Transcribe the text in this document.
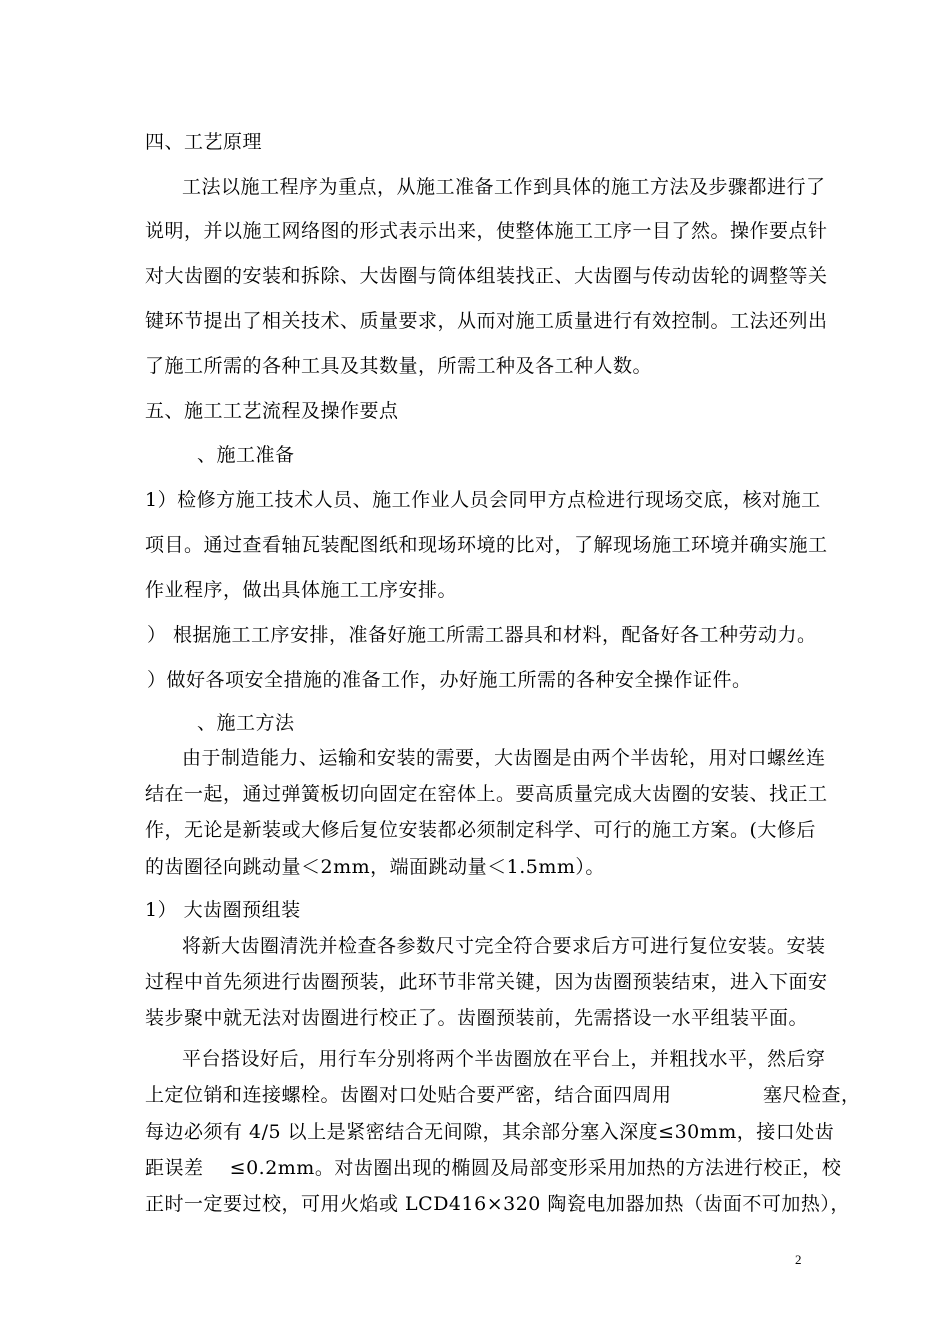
四、工艺原理
工法以施工程序为重点，从施工准备工作到具体的施工方法及步骤都进行了
说明，并以施工网络图的形式表示出来，使整体施工工序一目了然。操作要点针
对大齿圈的安装和拆除、大齿圈与筒体组装找正、大齿圈与传动齿轮的调整等关
键环节提出了相关技术、质量要求，从而对施工质量进行有效控制。工法还列出
了施工所需的各种工具及其数量，所需工种及各工种人数。
五、施工工艺流程及操作要点
、施工准备
1）检修方施工技术人员、施工作业人员会同甲方点检进行现场交底，核对施工
项目。通过查看轴瓦装配图纸和现场环境的比对，了解现场施工环境并确实施工
作业程序，做出具体施工工序安排。
） 根据施工工序安排，准备好施工所需工器具和材料，配备好各工种劳动力。
）做好各项安全措施的准备工作，办好施工所需的各种安全操作证件。
、施工方法
由于制造能力、运输和安装的需要，大齿圈是由两个半齿轮，用对口螺丝连
结在一起，通过弹簧板切向固定在窑体上。要高质量完成大齿圈的安装、找正工
作，无论是新装或大修后复位安装都必须制定科学、可行的施工方案。(大修后
的齿圈径向跳动量＜2mm，端面跳动量＜1.5mm）。
1） 大齿圈预组装
将新大齿圈清洗并检查各参数尺寸完全符合要求后方可进行复位安装。安装
过程中首先须进行齿圈预装，此环节非常关键，因为齿圈预装结束，进入下面安
装步聚中就无法对齿圈进行校正了。齿圈预装前，先需搭设一水平组装平面。
平台搭设好后，用行车分别将两个半齿圈放在平台上，并粗找水平，然后穿
上定位销和连接螺栓。齿圈对口处贴合要严密，结合面四周用              塞尺检查，
每边必须有 4/5 以上是紧密结合无间隙，其余部分塞入深度≤30mm，接口处齿
距误差    ≤0.2mm。对齿圈出现的椭圆及局部变形采用加热的方法进行校正，校
正时一定要过校，可用火焰或 LCD416×320 陶瓷电加器加热（齿面不可加热），
2
